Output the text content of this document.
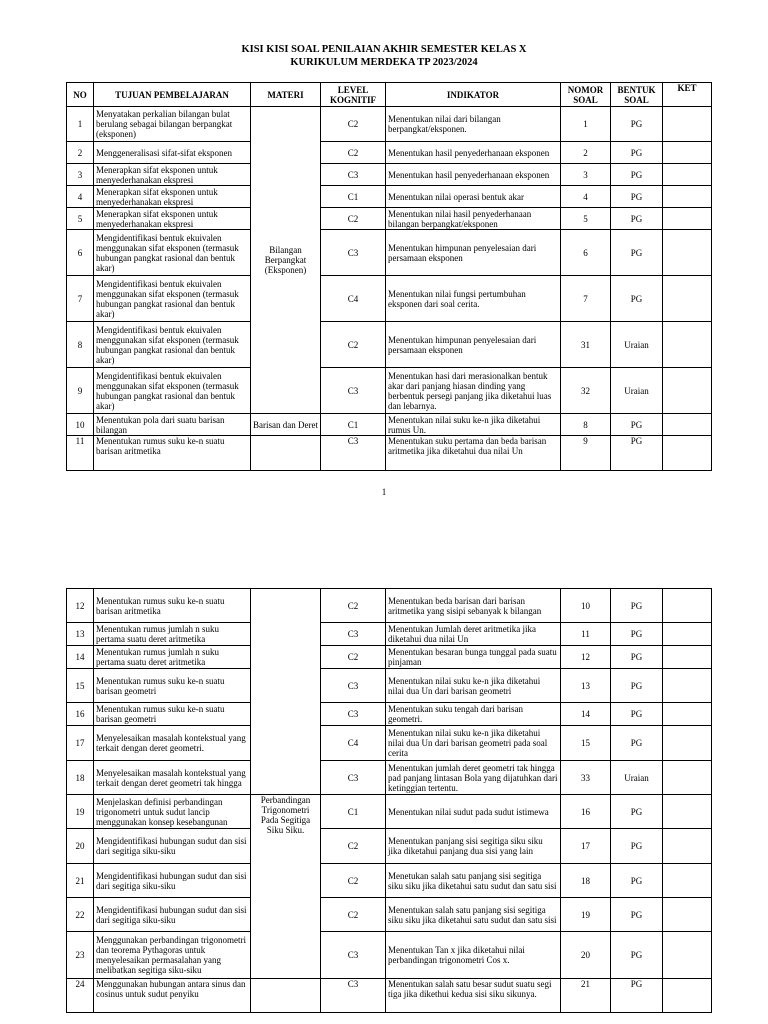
KISI KISI SOAL PENILAIAN AKHIR SEMESTER KELAS X
KURIKULUM MERDEKA TP 2023/2024
NO	TUJUAN PEMBELAJARAN	MATERI	LEVEL KOGNITIF	INDIKATOR	NOMOR SOAL	BENTUK SOAL	KET
1	Menyatakan perkalian bilangan bulat berulang sebagai bilangan berpangkat (eksponen)	Bilangan Berpangkat (Eksponen)	C2	Menentukan nilai dari bilangan berpangkat/eksponen.	1	PG	
2	Menggeneralisasi sifat-sifat eksponen		C2	Menentukan hasil penyederhanaan eksponen	2	PG	
3	Menerapkan sifat eksponen untuk menyederhanakan ekspresi		C3	Menentukan hasil penyederhanaan eksponen	3	PG	
4	Menerapkan sifat eksponen untuk menyederhanakan ekspresi		C1	Menentukan nilai operasi bentuk akar	4	PG	
5	Menerapkan sifat eksponen untuk menyederhanakan ekspresi		C2	Menentukan nilai hasil penyederhanaan bilangan berpangkat/eksponen	5	PG	
6	Mengidentifikasi bentuk ekuivalen menggunakan sifat eksponen (termasuk hubungan pangkat rasional dan bentuk akar)		C3	Menentukan himpunan penyelesaian dari persamaan eksponen	6	PG	
7	Mengidentifikasi bentuk ekuivalen menggunakan sifat eksponen (termasuk hubungan pangkat rasional dan bentuk akar)		C4	Menentukan nilai fungsi pertumbuhan eksponen dari soal cerita.	7	PG	
8	Mengidentifikasi bentuk ekuivalen menggunakan sifat eksponen (termasuk hubungan pangkat rasional dan bentuk akar)		C2	Menentukan himpunan penyelesaian dari persamaan eksponen	31	Uraian	
9	Mengidentifikasi bentuk ekuivalen menggunakan sifat eksponen (termasuk hubungan pangkat rasional dan bentuk akar)		C3	Menentukan hasi dari merasionalkan bentuk akar dari panjang hiasan dinding yang berbentuk persegi panjang jika diketahui luas dan lebarnya.	32	Uraian	
10	Menentukan pola dari suatu barisan bilangan	Barisan dan Deret	C1	Menentukan nilai suku ke-n jika diketahui rumus Un.	8	PG	
11	Menentukan rumus suku ke-n suatu barisan aritmetika		C3	Menentukan suku pertama dan beda barisan aritmetika jika diketahui dua nilai Un	9	PG	
1
12	Menentukan rumus suku ke-n suatu barisan aritmetika		C2	Menentukan beda barisan dari barisan aritmetika yang sisipi sebanyak k bilangan	10	PG	
13	Menentukan rumus jumlah n suku pertama suatu deret aritmetika		C3	Menentukan Jumlah deret aritmetika jika diketahui dua nilai Un	11	PG	
14	Menentukan rumus jumlah n suku pertama suatu deret aritmetika		C2	Menentukan besaran bunga tunggal pada suatu pinjaman	12	PG	
15	Menentukan rumus suku ke-n suatu barisan geometri		C3	Menentukan nilai suku ke-n jika diketahui nilai dua Un dari barisan geometri	13	PG	
16	Menentukan rumus suku ke-n suatu barisan geometri		C3	Menentukan suku tengah dari barisan geometri.	14	PG	
17	Menyelesaikan masalah kontekstual yang terkait dengan deret geometri.		C4	Menentukan nilai suku ke-n jika diketahui nilai dua Un dari barisan geometri pada soal cerita	15	PG	
18	Menyelesaikan masalah kontekstual yang terkait dengan deret geometri tak hingga		C3	Menentukan jumlah deret geometri tak hingga pad panjang lintasan Bola yang dijatuhkan dari ketinggian tertentu.	33	Uraian	
19	Menjelaskan definisi perbandingan trigonometri untuk sudut lancip menggunakan konsep kesebangunan	Perbandingan Trigonometri Pada Segitiga Siku Siku.	C1	Menentukan nilai sudut pada sudut istimewa	16	PG	
20	Mengidentifikasi hubungan sudut dan sisi dari segitiga siku-siku		C2	Menentukan panjang sisi segitiga siku siku jika diketahui panjang dua sisi yang lain	17	PG	
21	Mengidentifikasi hubungan sudut dan sisi dari segitiga siku-siku		C2	Menetukan salah satu panjang sisi segitiga siku siku jika diketahui satu sudut dan satu sisi	18	PG	
22	Mengidentifikasi hubungan sudut dan sisi dari segitiga siku-siku		C2	Menentukan salah satu panjang sisi segitiga siku siku jika diketahui satu sudut dan satu sisi	19	PG	
23	Menggunakan perbandingan trigonometri dan teorema Pythagoras untuk menyelesaikan permasalahan yang melibatkan segitiga siku-siku		C3	Menentukan Tan x jika diketahui nilai perbandingan trigonometri Cos x.	20	PG	
24	Menggunakan hubungan antara sinus dan cosinus untuk sudut penyiku		C3	Menentukan salah satu besar sudut suatu segi tiga jika dikethui kedua sisi siku sikunya.	21	PG	
